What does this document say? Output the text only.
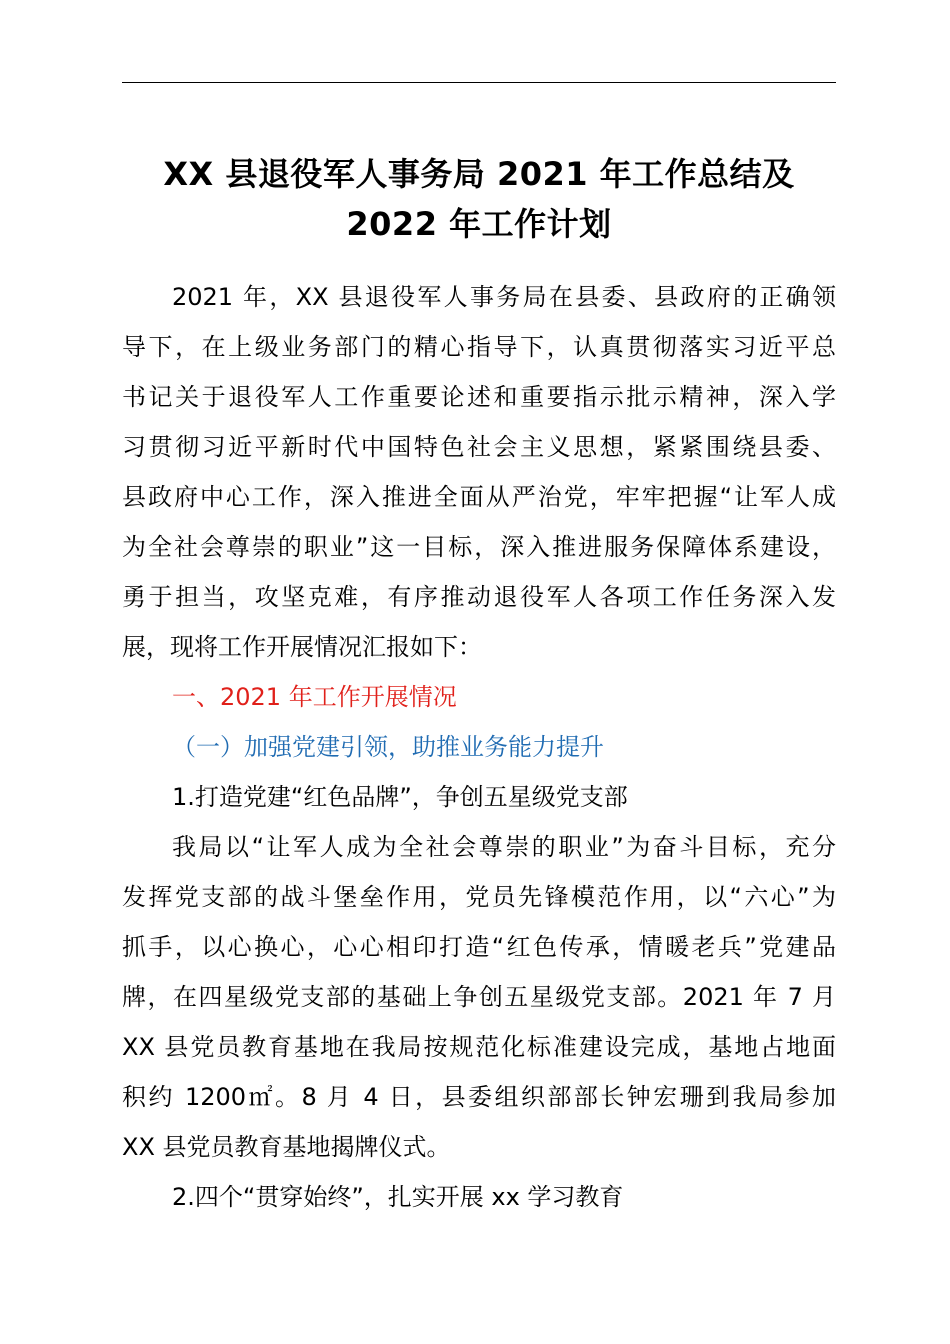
XX 县退役军人事务局 2021 年工作总结及
2022 年工作计划
2021 年，XX 县退役军人事务局在县委、县政府的正确领
导下，在上级业务部门的精心指导下，认真贯彻落实习近平总
书记关于退役军人工作重要论述和重要指示批示精神，深入学
习贯彻习近平新时代中国特色社会主义思想，紧紧围绕县委、
县政府中心工作，深入推进全面从严治党，牢牢把握“让军人成
为全社会尊崇的职业”这一目标，深入推进服务保障体系建设，
勇于担当，攻坚克难，有序推动退役军人各项工作任务深入发
展，现将工作开展情况汇报如下：
一、2021 年工作开展情况
（一）加强党建引领，助推业务能力提升
1.打造党建“红色品牌”，争创五星级党支部
我局以“让军人成为全社会尊崇的职业”为奋斗目标，充分
发挥党支部的战斗堡垒作用，党员先锋模范作用，以“六心”为
抓手，以心换心，心心相印打造“红色传承，情暖老兵”党建品
牌，在四星级党支部的基础上争创五星级党支部。2021 年 7 月
XX 县党员教育基地在我局按规范化标准建设完成，基地占地面
积约 1200㎡。8 月 4 日，县委组织部部长钟宏珊到我局参加
XX 县党员教育基地揭牌仪式。
2.四个“贯穿始终”，扎实开展 xx 学习教育
